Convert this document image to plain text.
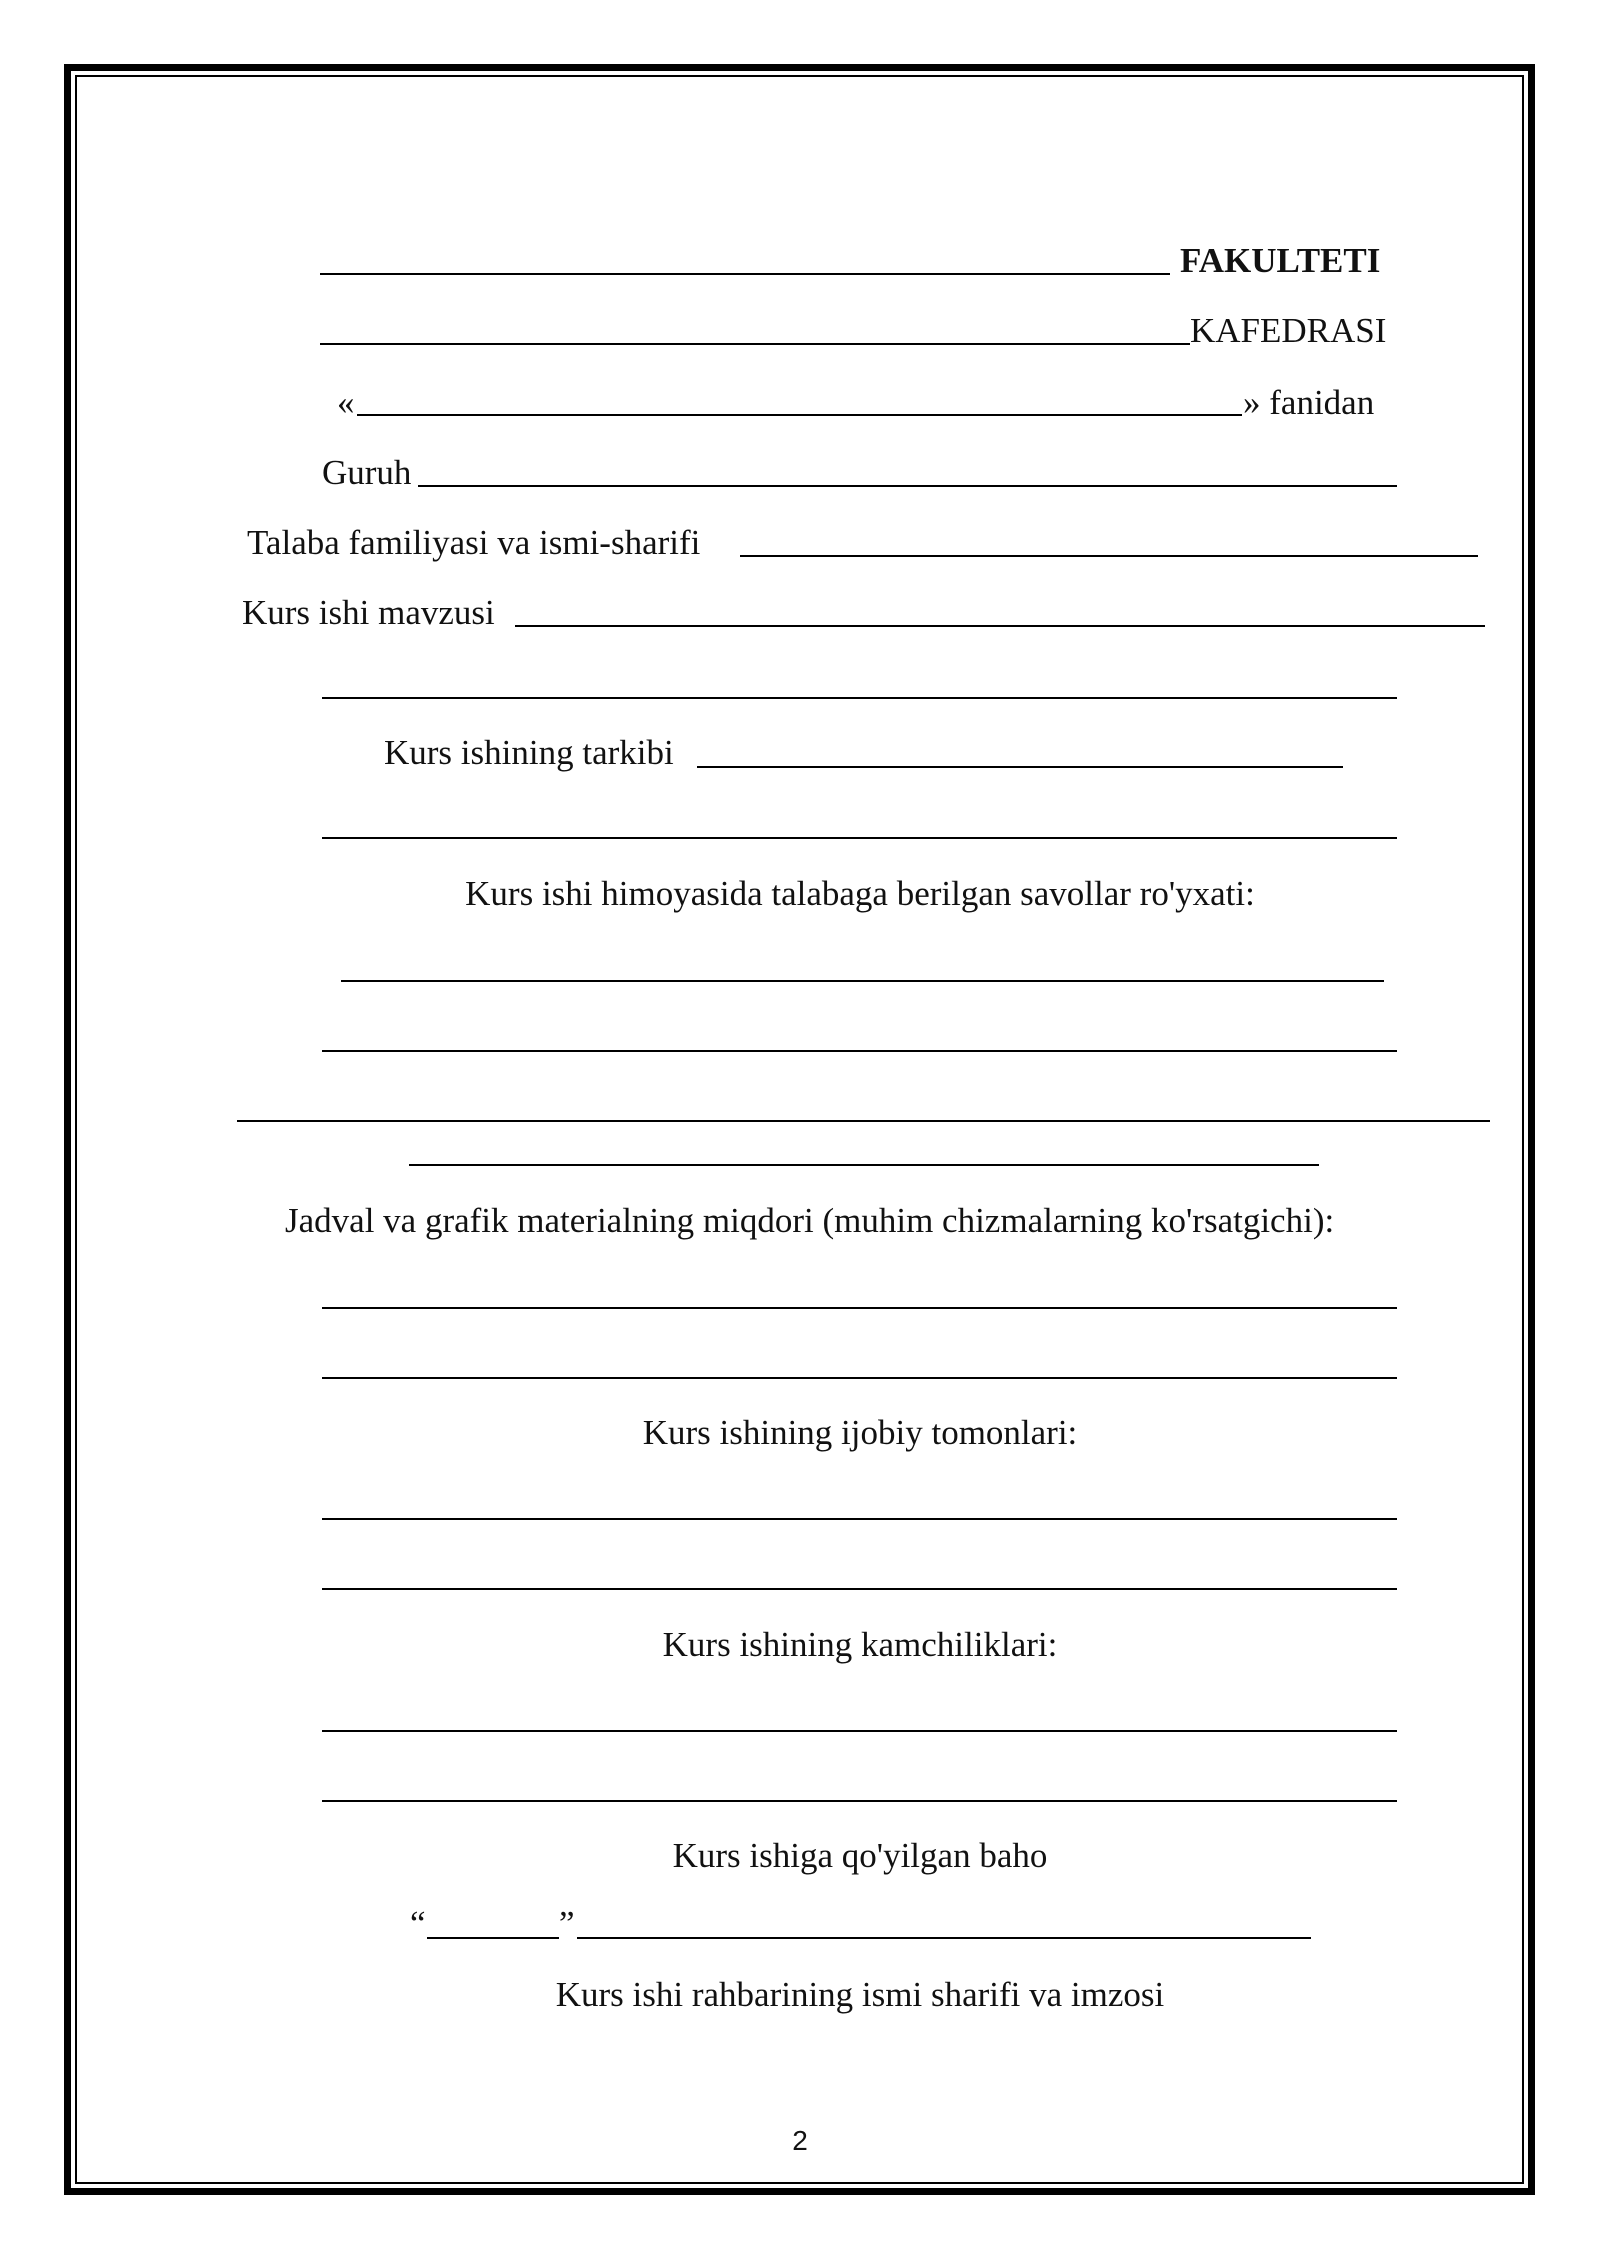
FAKULTETI
KAFEDRASI
«	» fanidan
Guruh
Talaba familiyasi va ismi-sharifi
Kurs ishi mavzusi
Kurs ishining tarkibi
Kurs ishi himoyasida talabaga berilgan savollar ro'yxati:
Jadval va grafik materialning miqdori (muhim chizmalarning ko'rsatgichi):
Kurs ishining ijobiy tomonlari:
Kurs ishining kamchiliklari:
Kurs ishiga qo'yilgan baho
“	”
Kurs ishi rahbarining ismi sharifi va imzosi
2
